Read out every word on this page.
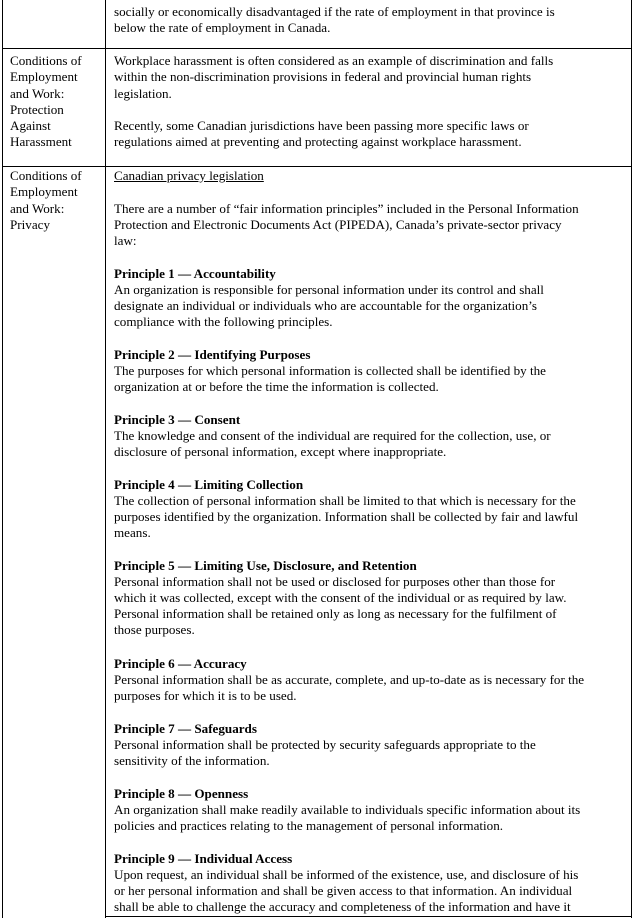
socially or economically disadvantaged if the rate of employment in that province is
below the rate of employment in Canada.
Conditions of
Employment
and Work:
Protection
Against
Harassment
Workplace harassment is often considered as an example of discrimination and falls
within the non-discrimination provisions in federal and provincial human rights
legislation.
Recently, some Canadian jurisdictions have been passing more specific laws or
regulations aimed at preventing and protecting against workplace harassment.
Conditions of
Employment
and Work:
Privacy
Canadian privacy legislation
There are a number of “fair information principles” included in the Personal Information
Protection and Electronic Documents Act (PIPEDA), Canada’s private-sector privacy
law:
Principle 1 — Accountability
An organization is responsible for personal information under its control and shall
designate an individual or individuals who are accountable for the organization’s
compliance with the following principles.
Principle 2 — Identifying Purposes
The purposes for which personal information is collected shall be identified by the
organization at or before the time the information is collected.
Principle 3 — Consent
The knowledge and consent of the individual are required for the collection, use, or
disclosure of personal information, except where inappropriate.
Principle 4 — Limiting Collection
The collection of personal information shall be limited to that which is necessary for the
purposes identified by the organization. Information shall be collected by fair and lawful
means.
Principle 5 — Limiting Use, Disclosure, and Retention
Personal information shall not be used or disclosed for purposes other than those for
which it was collected, except with the consent of the individual or as required by law.
Personal information shall be retained only as long as necessary for the fulfilment of
those purposes.
Principle 6 — Accuracy
Personal information shall be as accurate, complete, and up-to-date as is necessary for the
purposes for which it is to be used.
Principle 7 — Safeguards
Personal information shall be protected by security safeguards appropriate to the
sensitivity of the information.
Principle 8 — Openness
An organization shall make readily available to individuals specific information about its
policies and practices relating to the management of personal information.
Principle 9 — Individual Access
Upon request, an individual shall be informed of the existence, use, and disclosure of his
or her personal information and shall be given access to that information. An individual
shall be able to challenge the accuracy and completeness of the information and have it
